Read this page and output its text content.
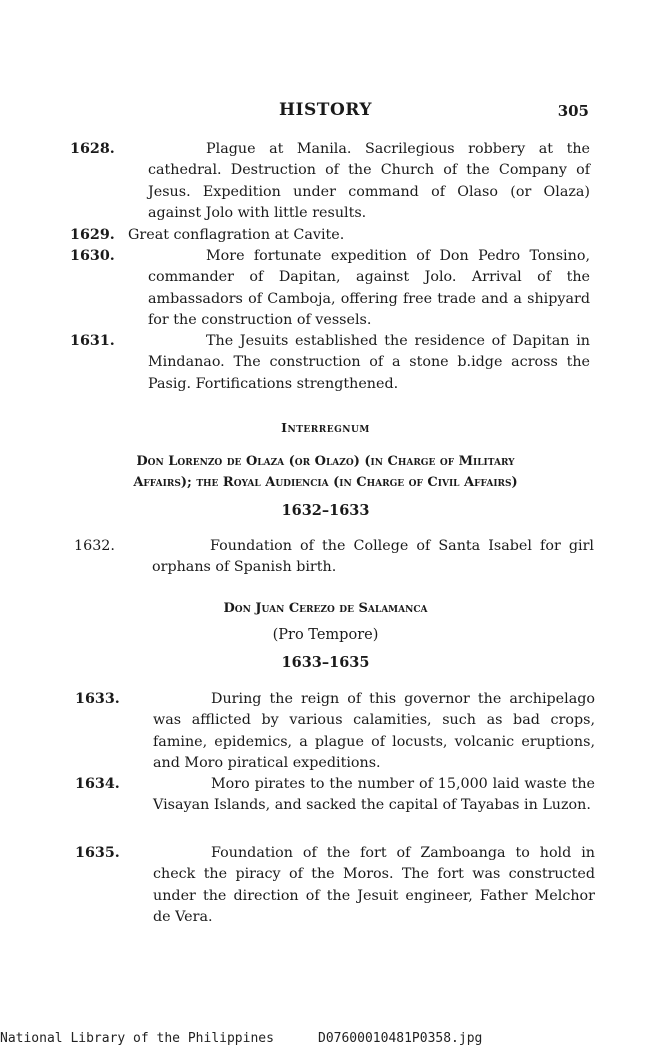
HISTORY	305
1628.	Plague at Manila. Sacrilegious robbery at the cathedral. Destruction of the Church of the Company of Jesus. Expedition under command of Olaso (or Olaza) against Jolo with little results.
1629. Great conflagration at Cavite.
1630.	More fortunate expedition of Don Pedro Tonsino, commander of Dapitan, against Jolo. Arrival of the ambassadors of Camboja, offering free trade and a shipyard for the construction of vessels.
1631.	The Jesuits established the residence of Dapitan in Mindanao. The construction of a stone b.idge across the Pasig. Fortifications strengthened.
Interregnum
Don Lorenzo de Olaza (or Olazo) (in Charge of Military
Affairs); the Royal Audiencia (in Charge of Civil Affairs)
1632–1633
1632.	Foundation of the College of Santa Isabel for girl orphans of Spanish birth.
Don Juan Cerezo de Salamanca
(Pro Tempore)
1633–1635
1633.	During the reign of this governor the archipelago was afflicted by various calamities, such as bad crops, famine, epidemics, a plague of locusts, volcanic eruptions, and Moro piratical expeditions.
1634.	Moro pirates to the number of 15,000 laid waste the Visayan Islands, and sacked the capital of Tayabas in Luzon.
1635.	Foundation of the fort of Zamboanga to hold in check the piracy of the Moros. The fort was constructed under the direction of the Jesuit engineer, Father Melchor de Vera.
National Library of the Philippines	D07600010481P0358.jpg
